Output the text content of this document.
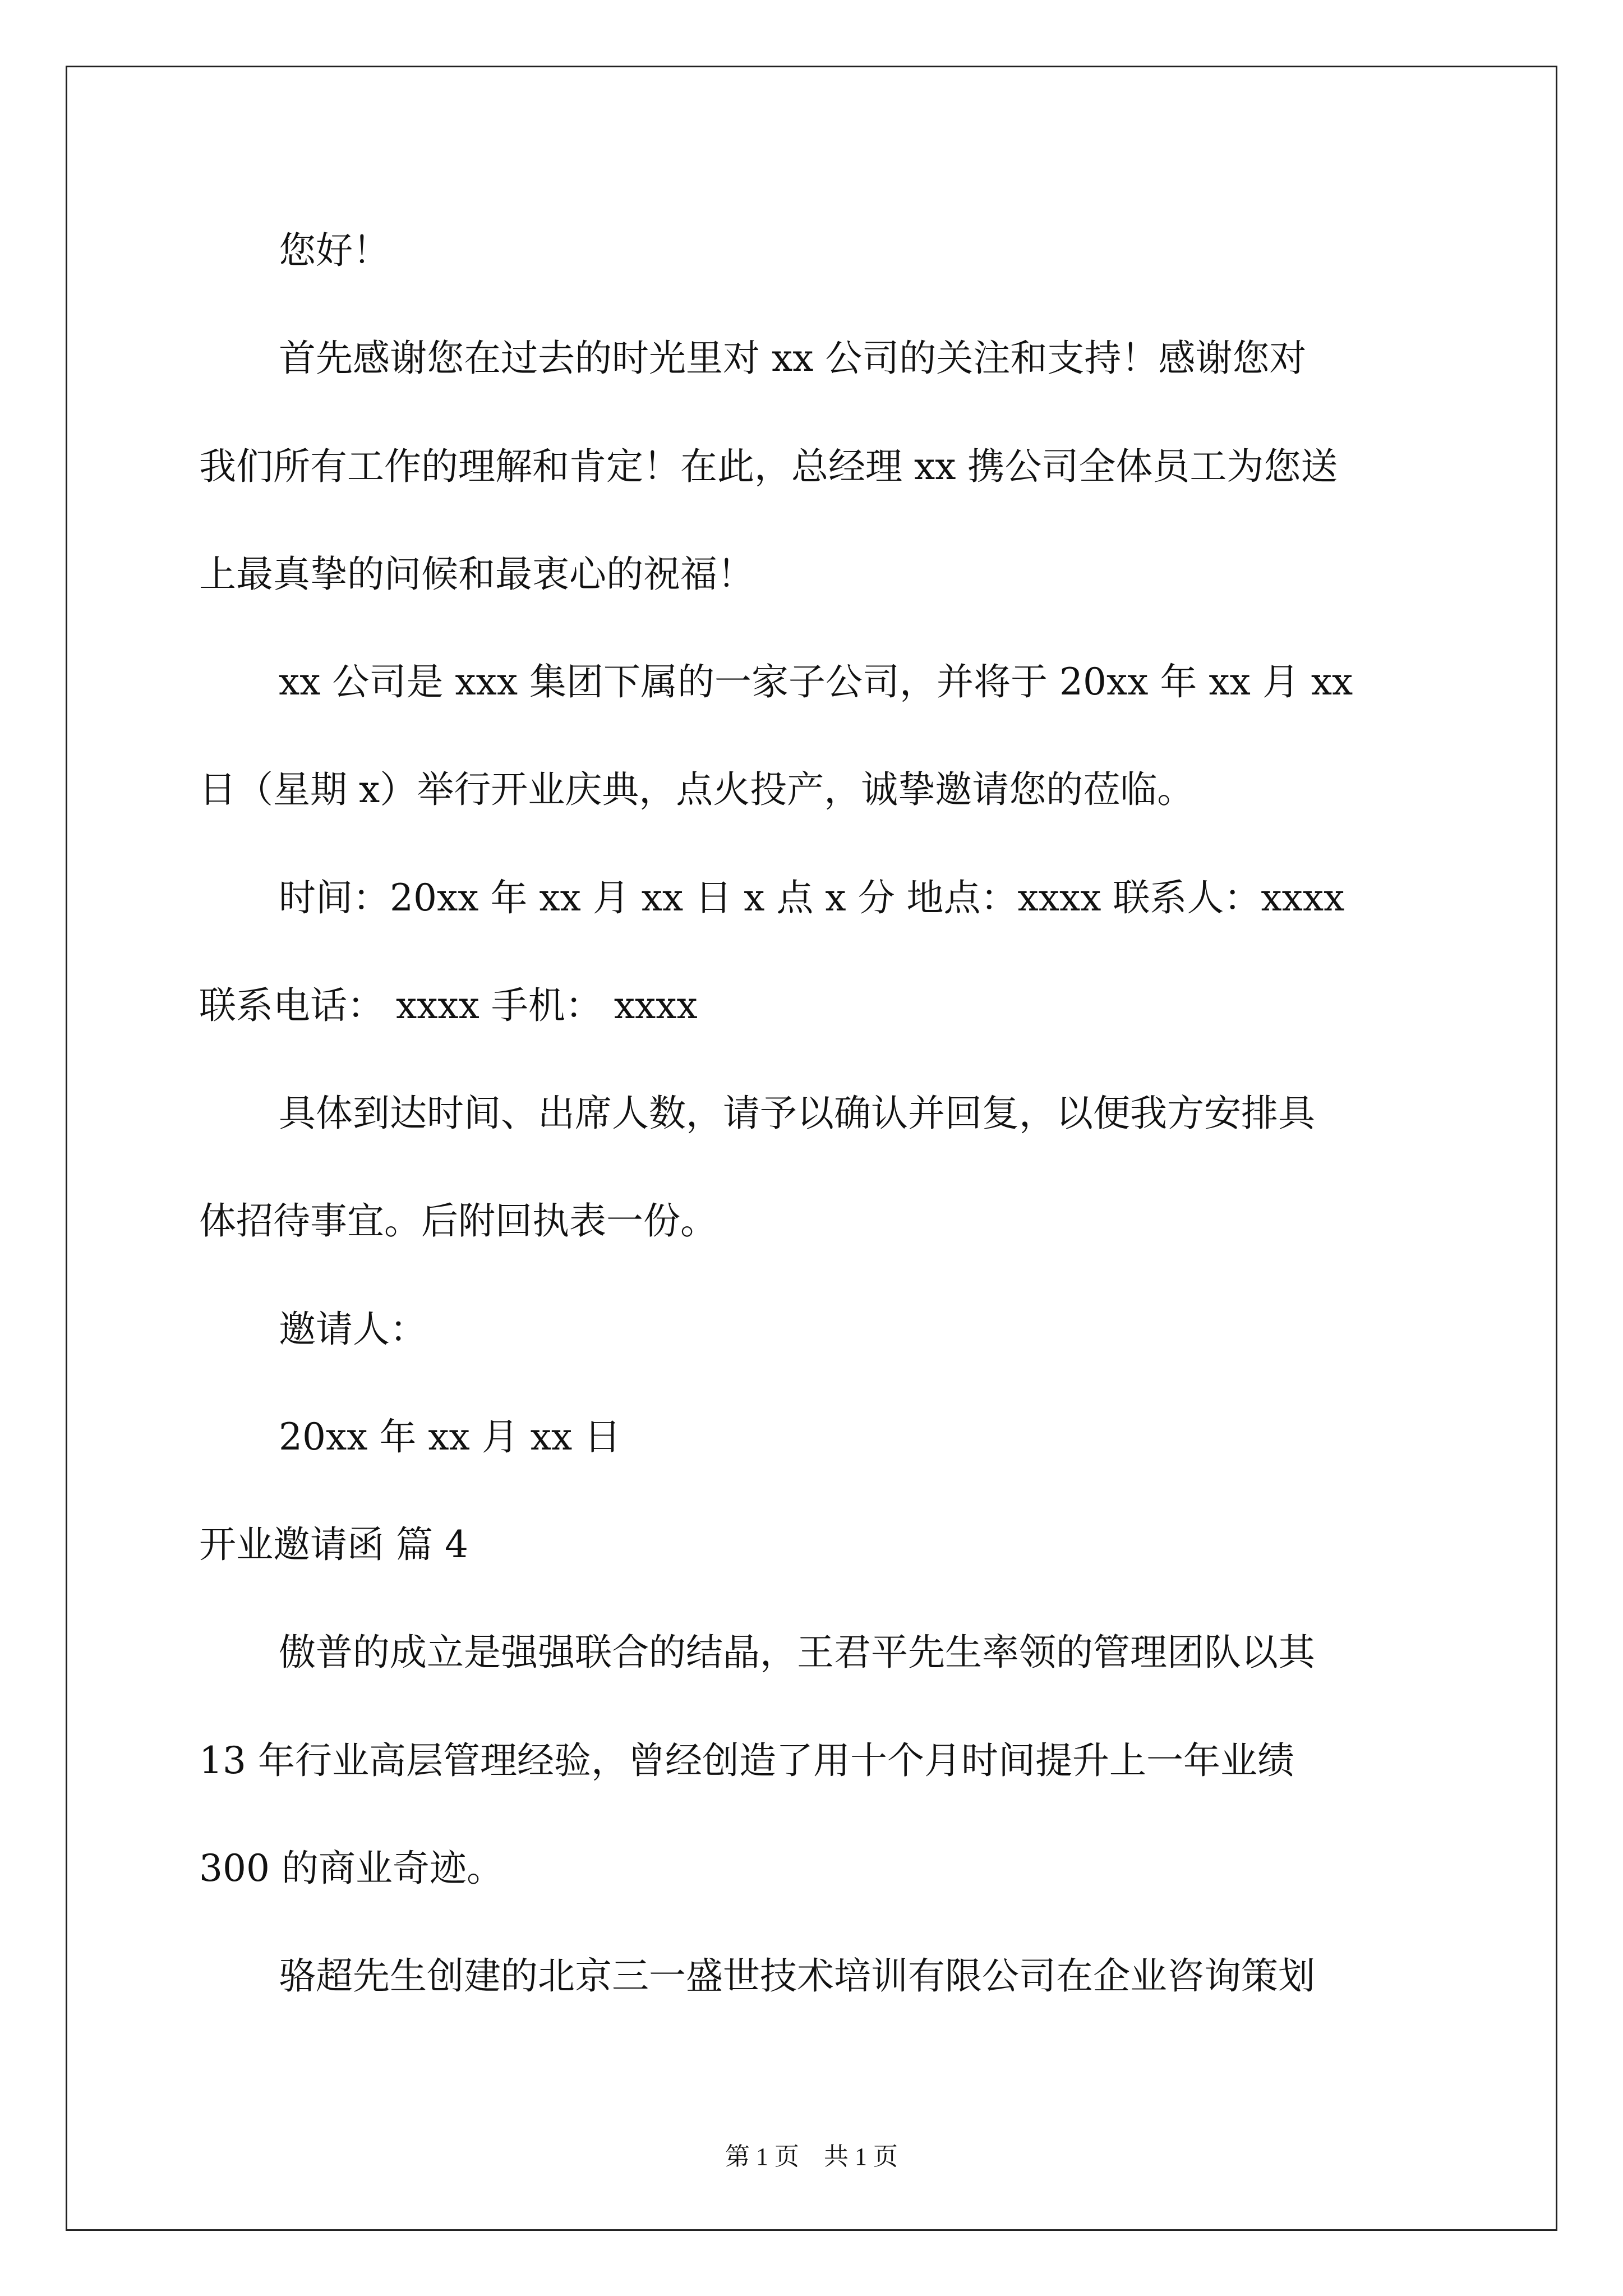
您好！
首先感谢您在过去的时光里对 xx 公司的关注和支持！感谢您对
我们所有工作的理解和肯定！在此，总经理 xx 携公司全体员工为您送
上最真挚的问候和最衷心的祝福！
xx 公司是 xxx 集团下属的一家子公司，并将于 20xx 年 xx 月 xx
日（星期 x）举行开业庆典，点火投产，诚挚邀请您的莅临。
时间：20xx 年 xx 月 xx 日 x 点 x 分 地点：xxxx 联系人：xxxx
联系电话： xxxx 手机： xxxx
具体到达时间、出席人数，请予以确认并回复，以便我方安排具
体招待事宜。后附回执表一份。
邀请人：
20xx 年 xx 月 xx 日
开业邀请函 篇 4
傲普的成立是强强联合的结晶，王君平先生率领的管理团队以其
13 年行业高层管理经验，曾经创造了用十个月时间提升上一年业绩
300 的商业奇迹。
骆超先生创建的北京三一盛世技术培训有限公司在企业咨询策划
第 1 页　共 1 页
